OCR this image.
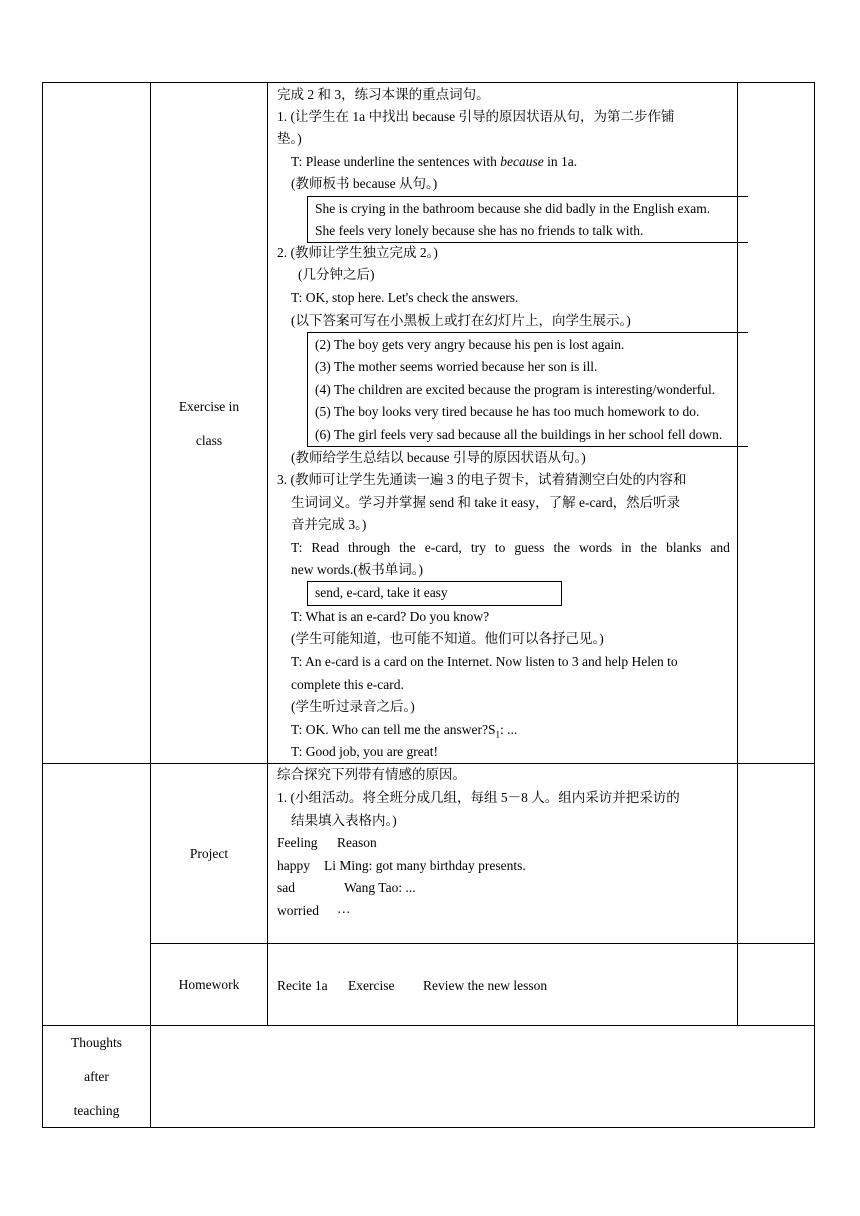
Exercise in
class
完成 2 和 3，练习本课的重点词句。
1. (让学生在 1a 中找出 because 引导的原因状语从句，为第二步作铺
垫。)
T: Please underline the sentences with because in 1a.
(教师板书 because 从句。)
She is crying in the bathroom because she did badly in the English exam.
She feels very lonely because she has no friends to talk with.
2. (教师让学生独立完成 2。)
(几分钟之后)
T: OK, stop here. Let's check the answers.
(以下答案可写在小黑板上或打在幻灯片上，向学生展示。)
(2) The boy gets very angry because his pen is lost again.
(3) The mother seems worried because her son is ill.
(4) The children are excited because the program is interesting/wonderful.
(5) The boy looks very tired because he has too much homework to do.
(6) The girl feels very sad because all the buildings in her school fell down.
(教师给学生总结以 because 引导的原因状语从句。)
3. (教师可让学生先通读一遍 3 的电子贺卡，试着猜测空白处的内容和
生词词义。学习并掌握 send 和 take it easy，了解 e-card，然后听录
音并完成 3。)
T: Read through the e-card, try to guess the words in the blanks and
new words.(板书单词。)
send, e-card, take it easy
T: What is an e-card? Do you know?
(学生可能知道，也可能不知道。他们可以各抒己见。)
T: An e-card is a card on the Internet. Now listen to 3 and help Helen to
complete this e-card.
(学生听过录音之后。)
T: OK. Who can tell me the $answer?S_1$: ...
T: Good job, you are great!
Project
综合探究下列带有情感的原因。
1. (小组活动。将全班分成几组，每组 5－8 人。组内采访并把采访的
结果填入表格内。)
Feeling Reason
happy Li Ming: got many birthday presents.
sad	Wang Tao: ...
worried …
Homework	Recite 1a Exercise Review the new lesson
Thoughts
after
teaching
